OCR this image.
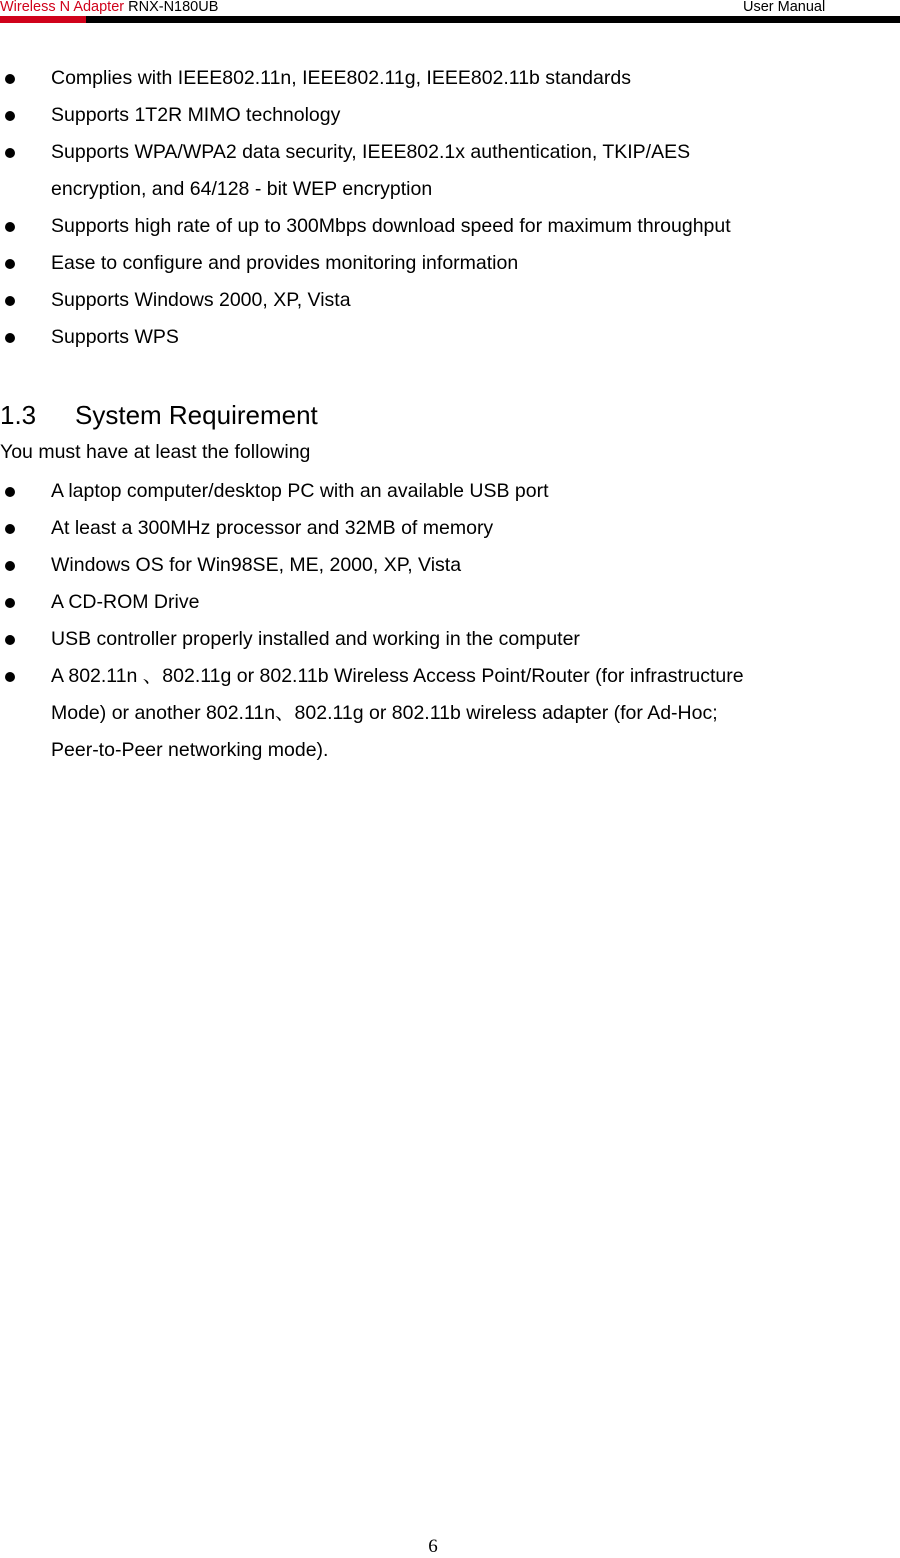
Wireless N Adapter RNX-N180UB	User Manual
Complies with IEEE802.11n, IEEE802.11g, IEEE802.11b standards
Supports 1T2R MIMO technology
Supports WPA/WPA2 data security, IEEE802.1x authentication, TKIP/AES
encryption, and 64/128 - bit WEP encryption
Supports high rate of up to 300Mbps download speed for maximum throughput
Ease to configure and provides monitoring information
Supports Windows 2000, XP, Vista
Supports WPS
1.3 System Requirement
You must have at least the following
A laptop computer/desktop PC with an available USB port
At least a 300MHz processor and 32MB of memory
Windows OS for Win98SE, ME, 2000, XP, Vista
A CD-ROM Drive
USB controller properly installed and working in the computer
A 802.11n 、802.11g or 802.11b Wireless Access Point/Router (for infrastructure
Mode) or another 802.11n、802.11g or 802.11b wireless adapter (for Ad-Hoc;
Peer-to-Peer networking mode).
6
